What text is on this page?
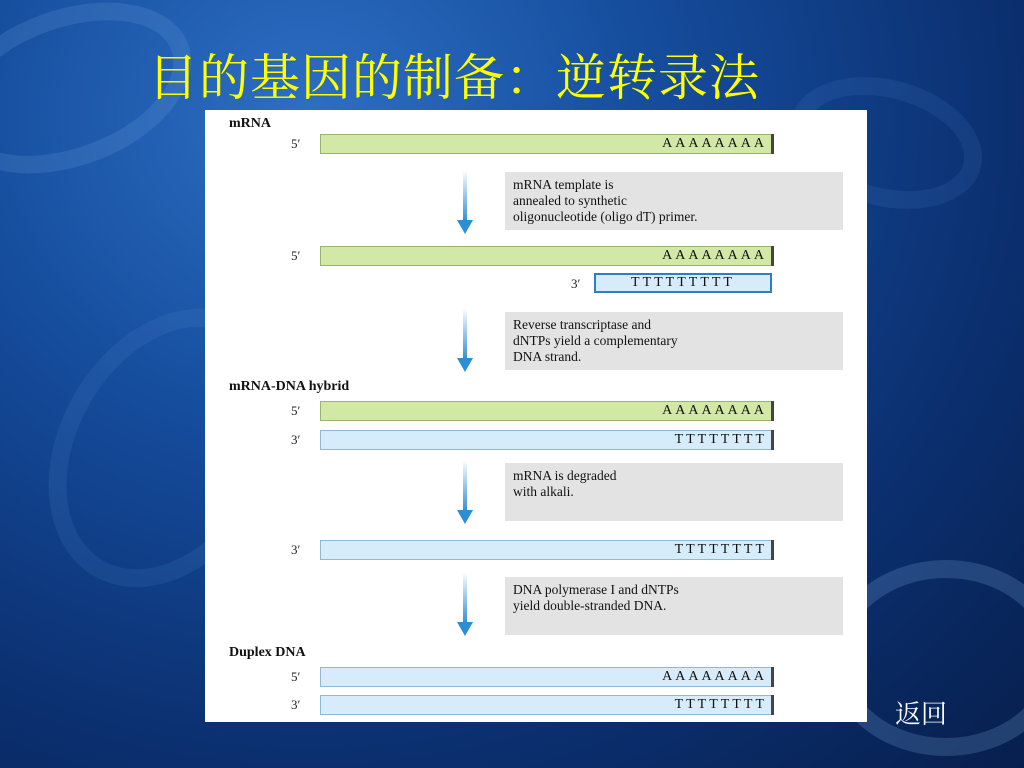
目的基因的制备：逆转录法
mRNA
5′	AAAAAAAA
mRNA template is
annealed to synthetic
oligonucleotide (oligo dT) primer.
5′	AAAAAAAA
3′	TTTTTTTTT
Reverse transcriptase and
dNTPs yield a complementary
DNA strand.
mRNA-DNA hybrid
5′	AAAAAAAA
3′	TTTTTTTT
mRNA is degraded
with alkali.
3′	TTTTTTTT
DNA polymerase I and dNTPs
yield double-stranded DNA.
Duplex DNA
5′	AAAAAAAA
3′	TTTTTTTT	返回
